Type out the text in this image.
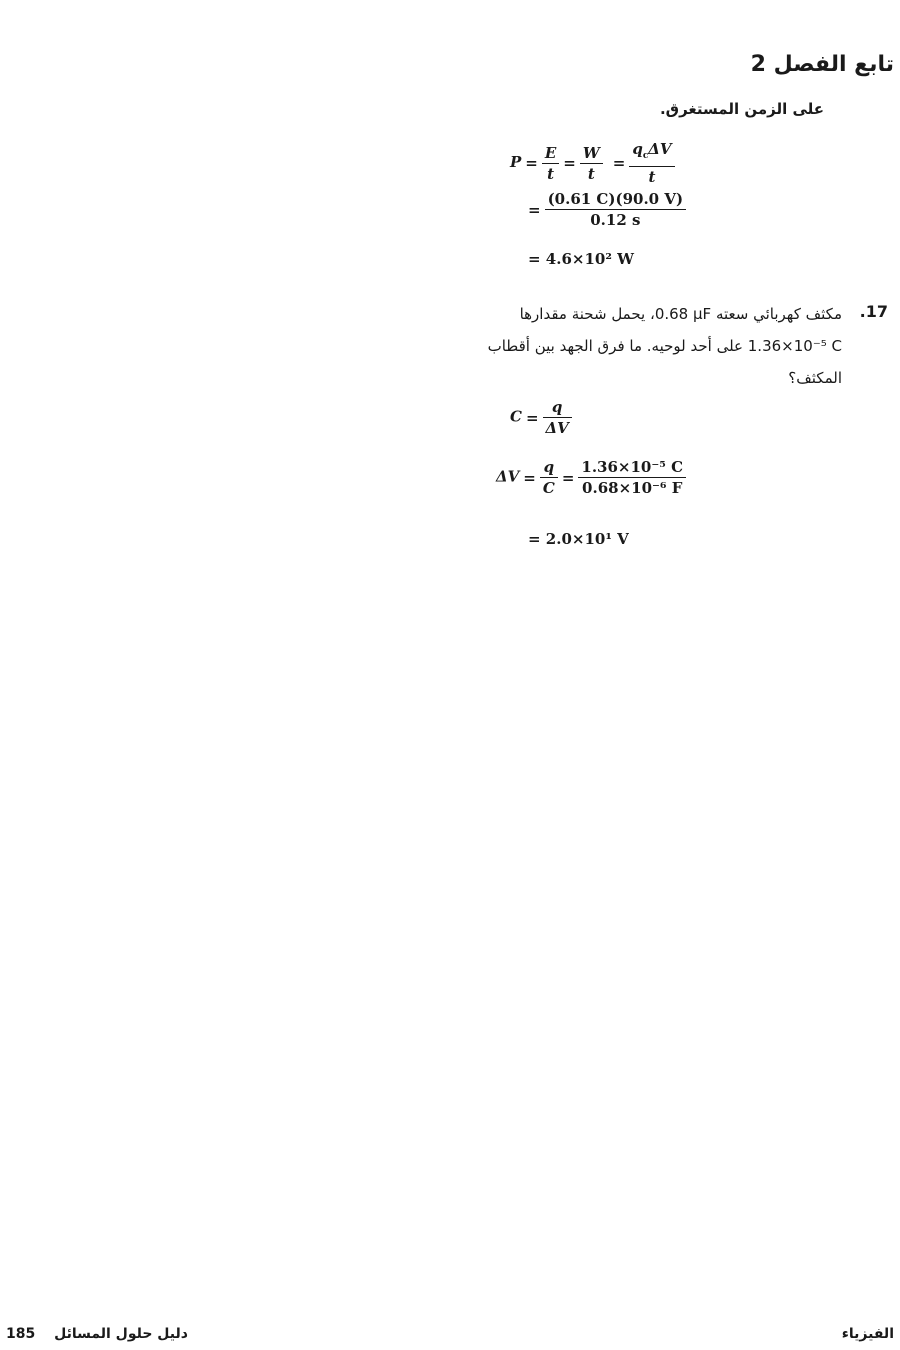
تابع الفصل 2
على الزمن المستغرق.
$P = \frac{E}{t} = \frac{W}{t} = \frac{q_c\Delta V}{t}$
= $\frac{(0.61 C)(90.0 V)}{0.12 s}$
= 4.6×10² W
.17
مكثف كهربائي سعته 0.68 μF، يحمل شحنة مقدارها
1.36×10⁻⁵ C على أحد لوحيه. ما فرق الجهد بين أقطاب
المكثف؟
$C = \frac{q}{\Delta V}$
$\Delta V = \frac{q}{C} = \frac{\text{1.36×10⁻⁵ C}}{\text{0.68×10⁻⁶ F}}$
= 2.0×10¹ V
185 دليل حلول المسائل	الفيزياء
